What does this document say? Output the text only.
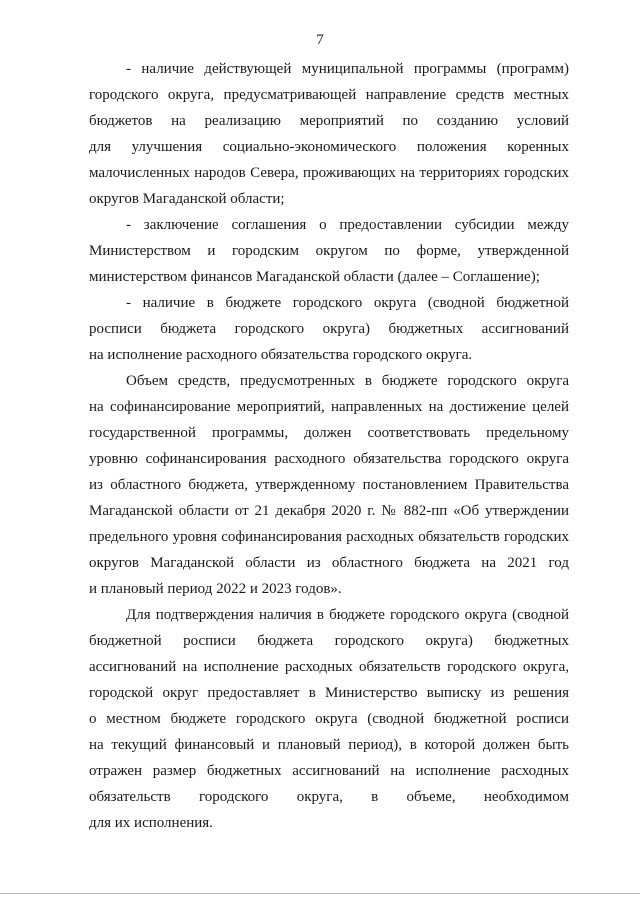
7
- наличие действующей муниципальной программы (программ)
городского округа, предусматривающей направление средств местных
бюджетов на реализацию мероприятий по созданию условий
для улучшения социально-экономического положения коренных
малочисленных народов Севера, проживающих на территориях городских
округов Магаданской области;
- заключение соглашения о предоставлении субсидии между
Министерством и городским округом по форме, утвержденной
министерством финансов Магаданской области (далее – Соглашение);
- наличие в бюджете городского округа (сводной бюджетной
росписи бюджета городского округа) бюджетных ассигнований
на исполнение расходного обязательства городского округа.
Объем средств, предусмотренных в бюджете городского округа
на софинансирование мероприятий, направленных на достижение целей
государственной программы, должен соответствовать предельному
уровню софинансирования расходного обязательства городского округа
из областного бюджета, утвержденному постановлением Правительства
Магаданской области от 21 декабря 2020 г. № 882-пп «Об утверждении
предельного уровня софинансирования расходных обязательств городских
округов Магаданской области из областного бюджета на 2021 год
и плановый период 2022 и 2023 годов».
Для подтверждения наличия в бюджете городского округа (сводной
бюджетной росписи бюджета городского округа) бюджетных
ассигнований на исполнение расходных обязательств городского округа,
городской округ предоставляет в Министерство выписку из решения
о местном бюджете городского округа (сводной бюджетной росписи
на текущий финансовый и плановый период), в которой должен быть
отражен размер бюджетных ассигнований на исполнение расходных
обязательств городского округа, в объеме, необходимом
для их исполнения.
